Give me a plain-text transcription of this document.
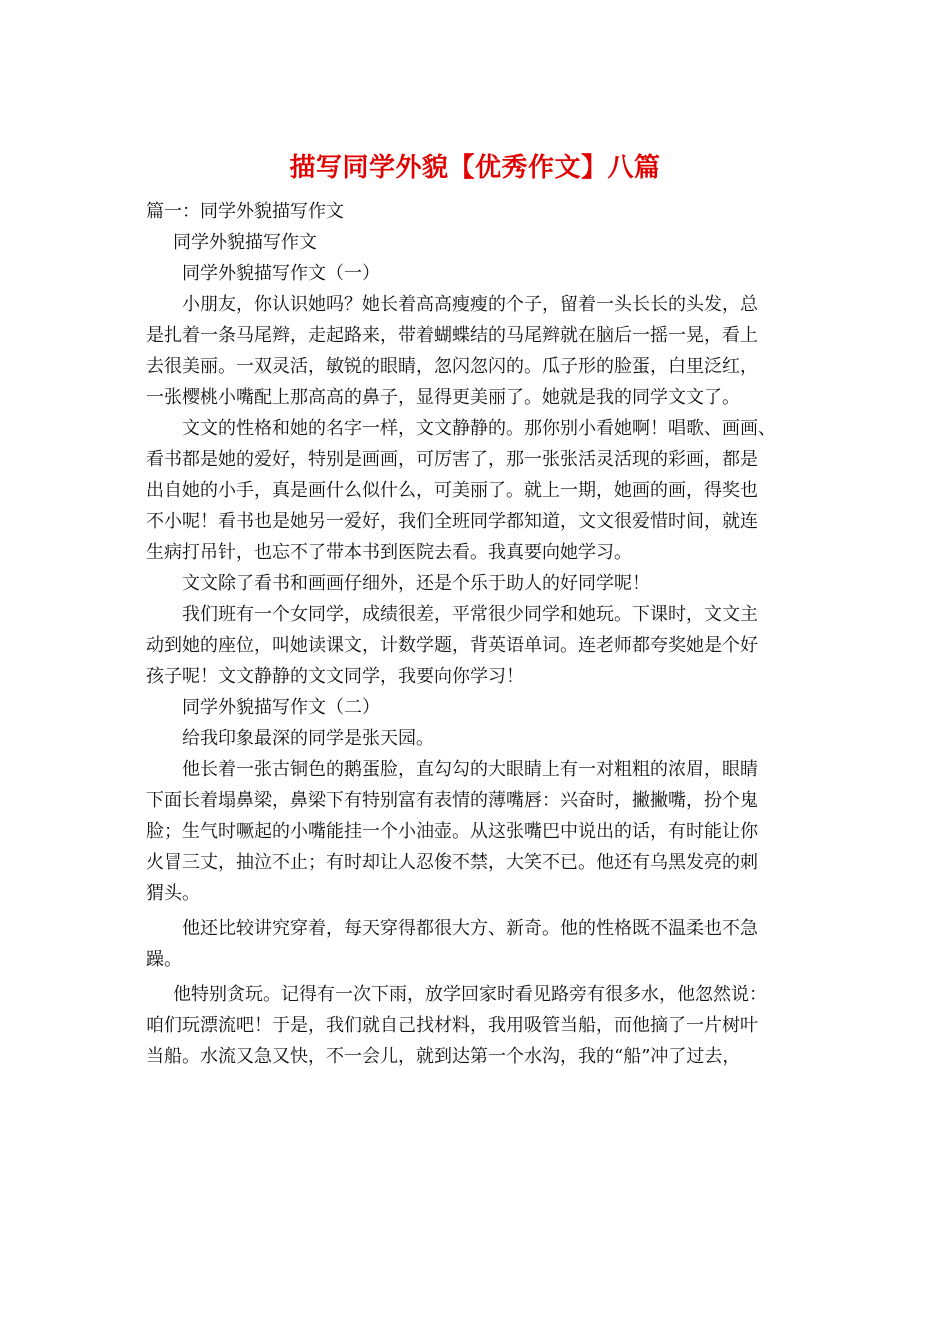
描写同学外貌【优秀作文】八篇

篇一：同学外貌描写作文

同学外貌描写作文

同学外貌描写作文（一）

小朋友，你认识她吗？她长着高高瘦瘦的个子，留着一头长长的头发，总

是扎着一条马尾辫，走起路来，带着蝴蝶结的马尾辫就在脑后一摇一晃，看上

去很美丽。一双灵活，敏锐的眼睛，忽闪忽闪的。瓜子形的脸蛋，白里泛红，

一张樱桃小嘴配上那高高的鼻子，显得更美丽了。她就是我的同学文文了。

文文的性格和她的名字一样，文文静静的。那你别小看她啊！唱歌、画画、

看书都是她的爱好，特别是画画，可厉害了，那一张张活灵活现的彩画，都是

出自她的小手，真是画什么似什么，可美丽了。就上一期，她画的画，得奖也

不小呢！看书也是她另一爱好，我们全班同学都知道，文文很爱惜时间，就连

生病打吊针，也忘不了带本书到医院去看。我真要向她学习。

文文除了看书和画画仔细外，还是个乐于助人的好同学呢！

我们班有一个女同学，成绩很差，平常很少同学和她玩。下课时，文文主

动到她的座位，叫她读课文，计数学题，背英语单词。连老师都夸奖她是个好

孩子呢！文文静静的文文同学，我要向你学习！

同学外貌描写作文（二）

给我印象最深的同学是张天园。

他长着一张古铜色的鹅蛋脸，直勾勾的大眼睛上有一对粗粗的浓眉，眼睛

下面长着塌鼻梁，鼻梁下有特别富有表情的薄嘴唇：兴奋时，撇撇嘴，扮个鬼

脸；生气时噘起的小嘴能挂一个小油壶。从这张嘴巴中说出的话，有时能让你

火冒三丈，抽泣不止；有时却让人忍俊不禁，大笑不已。他还有乌黑发亮的刺

猬头。

他还比较讲究穿着，每天穿得都很大方、新奇。他的性格既不温柔也不急

躁。

他特别贪玩。记得有一次下雨，放学回家时看见路旁有很多水，他忽然说：

咱们玩漂流吧！于是，我们就自己找材料，我用吸管当船，而他摘了一片树叶

当船。水流又急又快，不一会儿，就到达第一个水沟，我的“船”冲了过去，
